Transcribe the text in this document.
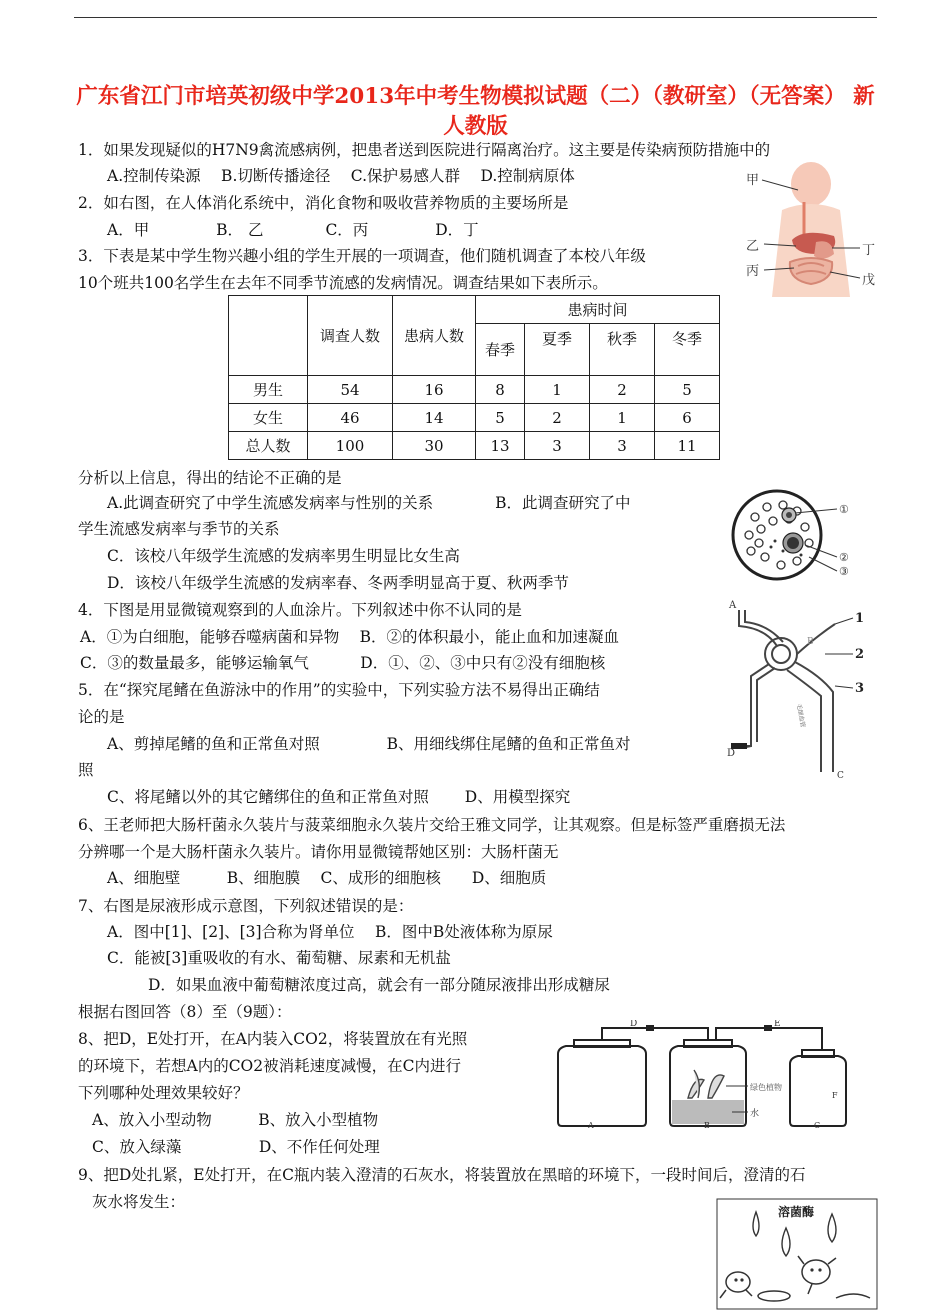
广东省江门市培英初级中学2013年中考生物模拟试题（二）（教研室）（无答案） 新人教版
1．如果发现疑似的H7N9禽流感病例，把患者送到医院进行隔离治疗。这主要是传染病预防措施中的
A.控制传染源　 B.切断传播途径　 C.保护易感人群　 D.控制病原体
2．如右图，在人体消化系统中，消化食物和吸收营养物质的主要场所是
A．甲　　　　 B． 乙　　　　C．丙　　　　 D．丁
3．下表是某中学生物兴趣小组的学生开展的一项调查，他们随机调查了本校八年级
10个班共100名学生在去年不同季节流感的发病情况。调查结果如下表所示。
	调查人数	患病人数	患病时间			
			春季	夏季	秋季	冬季
男生	54	16	8	1	2	5
女生	46	14	5	2	1	6
总人数	100	30	13	3	3	11
分析以上信息，得出的结论不正确的是
A.此调查研究了中学生流感发病率与性别的关系　　　　B．此调查研究了中
学生流感发病率与季节的关系
C．该校八年级学生流感的发病率男生明显比女生高
D．该校八年级学生流感的发病率春、冬两季明显高于夏、秋两季节
4．下图是用显微镜观察到的人血涂片。下列叙述中你不认同的是
A．①为白细胞，能够吞噬病菌和异物　 B．②的体积最小，能止血和加速凝血
C．③的数量最多，能够运输氧气　　　 D．①、②、③中只有②没有细胞核
5．在“探究尾鳍在鱼游泳中的作用”的实验中，下列实验方法不易得出正确结
论的是
A、剪掉尾鳍的鱼和正常鱼对照　　　　 B、用细线绑住尾鳍的鱼和正常鱼对
照
C、将尾鳍以外的其它鳍绑住的鱼和正常鱼对照　　 D、用模型探究
6、王老师把大肠杆菌永久装片与菠菜细胞永久装片交给王雅文同学，让其观察。但是标签严重磨损无法
分辨哪一个是大肠杆菌永久装片。请你用显微镜帮她区别：大肠杆菌无
A、细胞壁　　　B、细胞膜　 C、成形的细胞核　　D、细胞质
7、右图是尿液形成示意图，下列叙述错误的是：
A．图中[1]、[2]、[3]合称为肾单位　 B．图中B处液体称为原尿
C．能被[3]重吸收的有水、葡萄糖、尿素和无机盐
D．如果血液中葡萄糖浓度过高，就会有一部分随尿液排出形成糖尿
根据右图回答（8）至（9题）：
8、把D，E处打开，在A内装入CO2，将装置放在有光照
的环境下，若想A内的CO2被消耗速度减慢，在C内进行
下列哪种处理效果较好？
A、放入小型动物　　　B、放入小型植物
C、放入绿藻　　　　　D、不作任何处理
9、把D处扎紧，E处打开，在C瓶内装入澄清的石灰水，将装置放在黑暗的环境下，一段时间后，澄清的石
灰水将发生：
甲
乙
丙
丁
戊
①
②
③
A
B
C
D
1
2
3
毛细血管
A	B	C
D	E
F
绿色植物
水
溶菌酶
